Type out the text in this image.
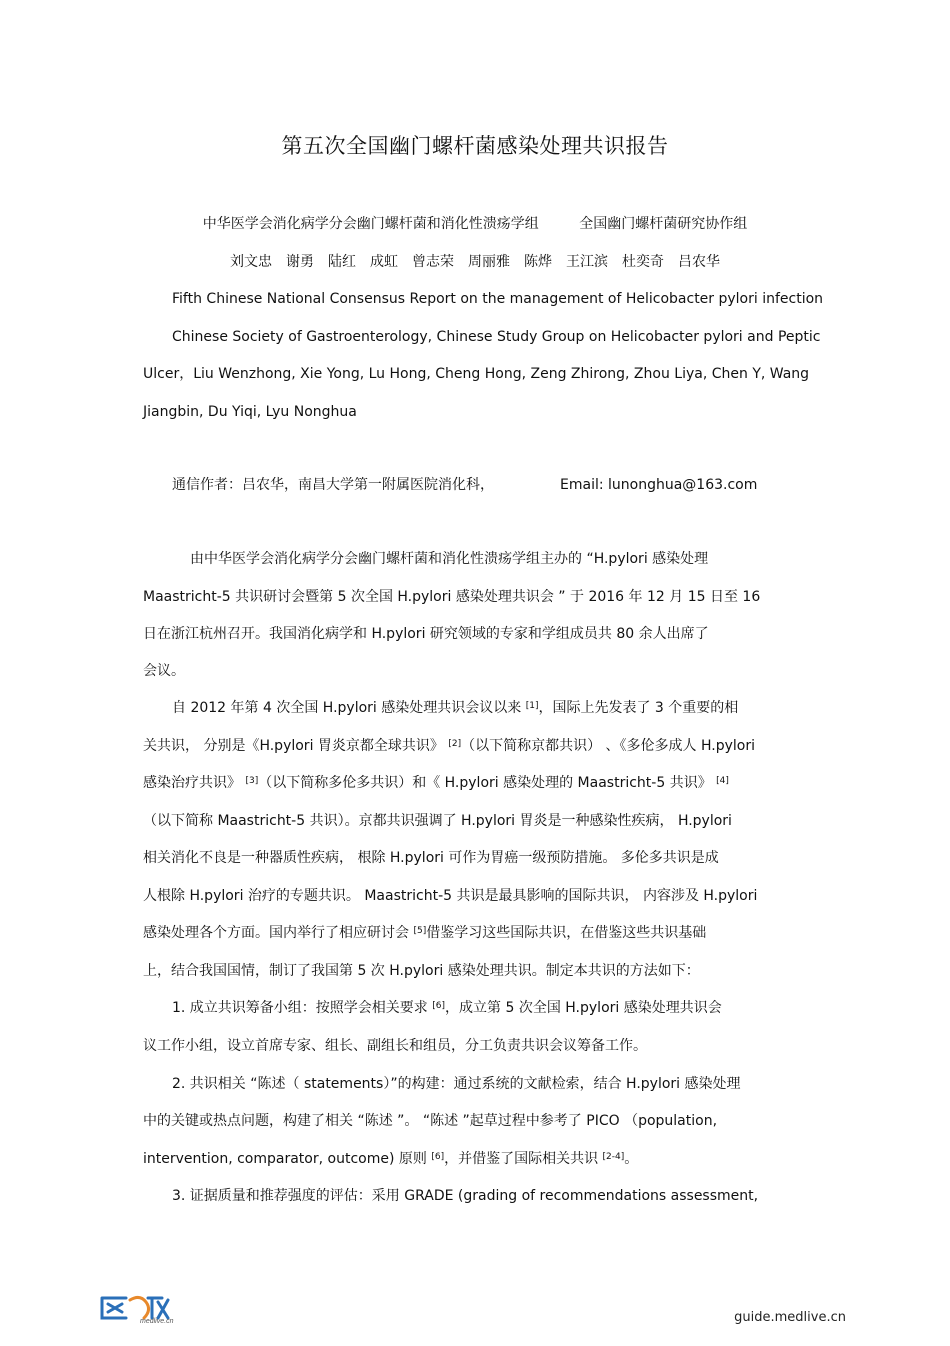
第五次全国幽门螺杆菌感染处理共识报告
中华医学会消化病学分会幽门螺杆菌和消化性溃疡学组	全国幽门螺杆菌研究协作组
刘文忠　谢勇　陆红　成虹　曾志荣　周丽雅　陈烨　王江滨　杜奕奇　吕农华
Fifth Chinese National Consensus Report on the management of Helicobacter pylori infection
Chinese Society of Gastroenterology, Chinese Study Group on Helicobacter pylori and Peptic
Ulcer，Liu Wenzhong, Xie Yong, Lu Hong, Cheng Hong, Zeng Zhirong, Zhou Liya, Chen Y, Wang
Jiangbin, Du Yiqi, Lyu Nonghua
通信作者：吕农华，南昌大学第一附属医院消化科，	Email: lunonghua@163.com
由中华医学会消化病学分会幽门螺杆菌和消化性溃疡学组主办的 “H.pylori 感染处理
Maastricht-5 共识研讨会暨第 5 次全国 H.pylori 感染处理共识会 ” 于 2016 年 12 月 15 日至 16
日在浙江杭州召开。我国消化病学和 H.pylori 研究领域的专家和学组成员共 80 余人出席了
会议。
自 2012 年第 4 次全国 H.pylori 感染处理共识会议以来 [1]，国际上先发表了 3 个重要的相
关共识， 分别是《H.pylori 胃炎京都全球共识》 [2]（以下简称京都共识） 、《多伦多成人 H.pylori
感染治疗共识》 [3]（以下简称多伦多共识）和《 H.pylori 感染处理的 Maastricht-5 共识》 [4]
（以下简称 Maastricht-5 共识）。京都共识强调了 H.pylori 胃炎是一种感染性疾病， H.pylori
相关消化不良是一种器质性疾病， 根除 H.pylori 可作为胃癌一级预防措施。 多伦多共识是成
人根除 H.pylori 治疗的专题共识。 Maastricht-5 共识是最具影响的国际共识， 内容涉及 H.pylori
感染处理各个方面。国内举行了相应研讨会 [5]借鉴学习这些国际共识，在借鉴这些共识基础
上，结合我国国情，制订了我国第 5 次 H.pylori 感染处理共识。制定本共识的方法如下：
1. 成立共识筹备小组：按照学会相关要求 [6]，成立第 5 次全国 H.pylori 感染处理共识会
议工作小组，设立首席专家、组长、副组长和组员，分工负责共识会议筹备工作。
2. 共识相关 “陈述（ statements）”的构建：通过系统的文献检索，结合 H.pylori 感染处理
中的关键或热点问题，构建了相关 “陈述 ”。 “陈述 ”起草过程中参考了 PICO （population,
intervention, comparator, outcome) 原则 [6]，并借鉴了国际相关共识 [2-4]。
3. 证据质量和推荐强度的评估：采用 GRADE (grading of recommendations assessment,
medlive.cn	guide.medlive.cn
